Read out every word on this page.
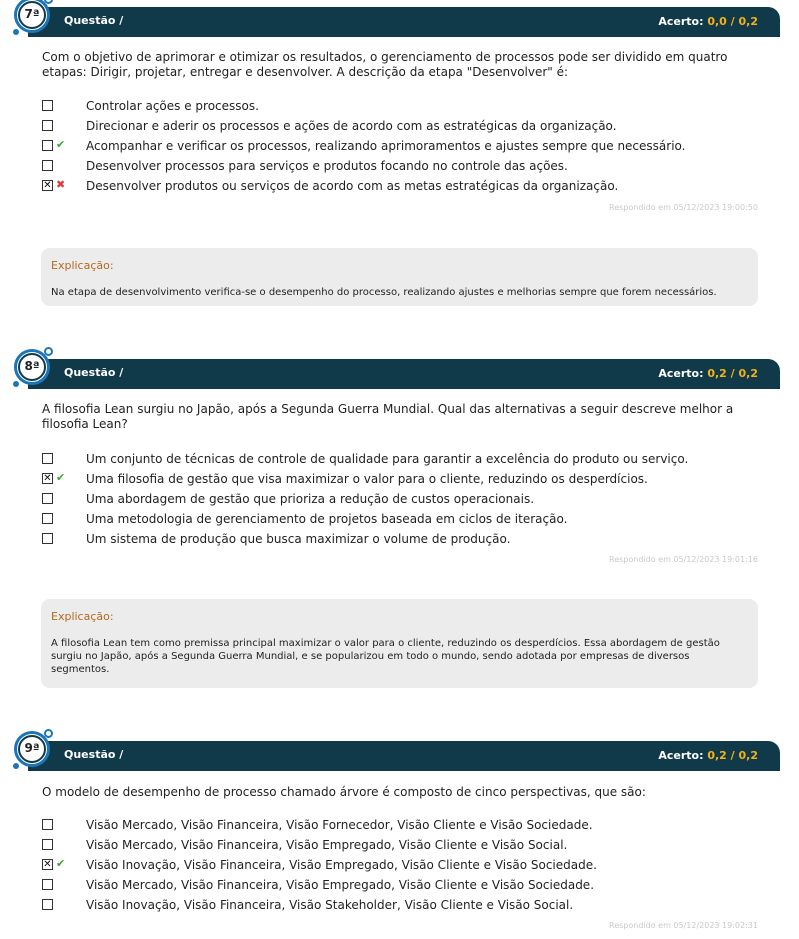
Questão /	Acerto: 0,0 / 0,2
7ª
Com o objetivo de aprimorar e otimizar os resultados, o gerenciamento de processos pode ser dividido em quatro etapas: Dirigir, projetar, entregar e desenvolver. A descrição da etapa "Desenvolver" é:
Controlar ações e processos.
Direcionar e aderir os processos e ações de acordo com as estratégicas da organização.
✔ Acompanhar e verificar os processos, realizando aprimoramentos e ajustes sempre que necessário.
Desenvolver processos para serviços e produtos focando no controle das ações.
✕ ✖ Desenvolver produtos ou serviços de acordo com as metas estratégicas da organização.
Respondido em 05/12/2023 19:00:50
Explicação:
Na etapa de desenvolvimento verifica-se o desempenho do processo, realizando ajustes e melhorias sempre que forem necessários.
Questão /	Acerto: 0,2 / 0,2
8ª
A filosofia Lean surgiu no Japão, após a Segunda Guerra Mundial. Qual das alternativas a seguir descreve melhor a filosofia Lean?
Um conjunto de técnicas de controle de qualidade para garantir a excelência do produto ou serviço.
✕ ✔ Uma filosofia de gestão que visa maximizar o valor para o cliente, reduzindo os desperdícios.
Uma abordagem de gestão que prioriza a redução de custos operacionais.
Uma metodologia de gerenciamento de projetos baseada em ciclos de iteração.
Um sistema de produção que busca maximizar o volume de produção.
Respondido em 05/12/2023 19:01:16
Explicação:
A filosofia Lean tem como premissa principal maximizar o valor para o cliente, reduzindo os desperdícios. Essa abordagem de gestão surgiu no Japão, após a Segunda Guerra Mundial, e se popularizou em todo o mundo, sendo adotada por empresas de diversos segmentos.
Questão /	Acerto: 0,2 / 0,2
9ª
O modelo de desempenho de processo chamado árvore é composto de cinco perspectivas, que são:
Visão Mercado, Visão Financeira, Visão Fornecedor, Visão Cliente e Visão Sociedade.
Visão Mercado, Visão Financeira, Visão Empregado, Visão Cliente e Visão Social.
✕ ✔ Visão Inovação, Visão Financeira, Visão Empregado, Visão Cliente e Visão Sociedade.
Visão Mercado, Visão Financeira, Visão Empregado, Visão Cliente e Visão Sociedade.
Visão Inovação, Visão Financeira, Visão Stakeholder, Visão Cliente e Visão Social.
Respondido em 05/12/2023 19:02:31
